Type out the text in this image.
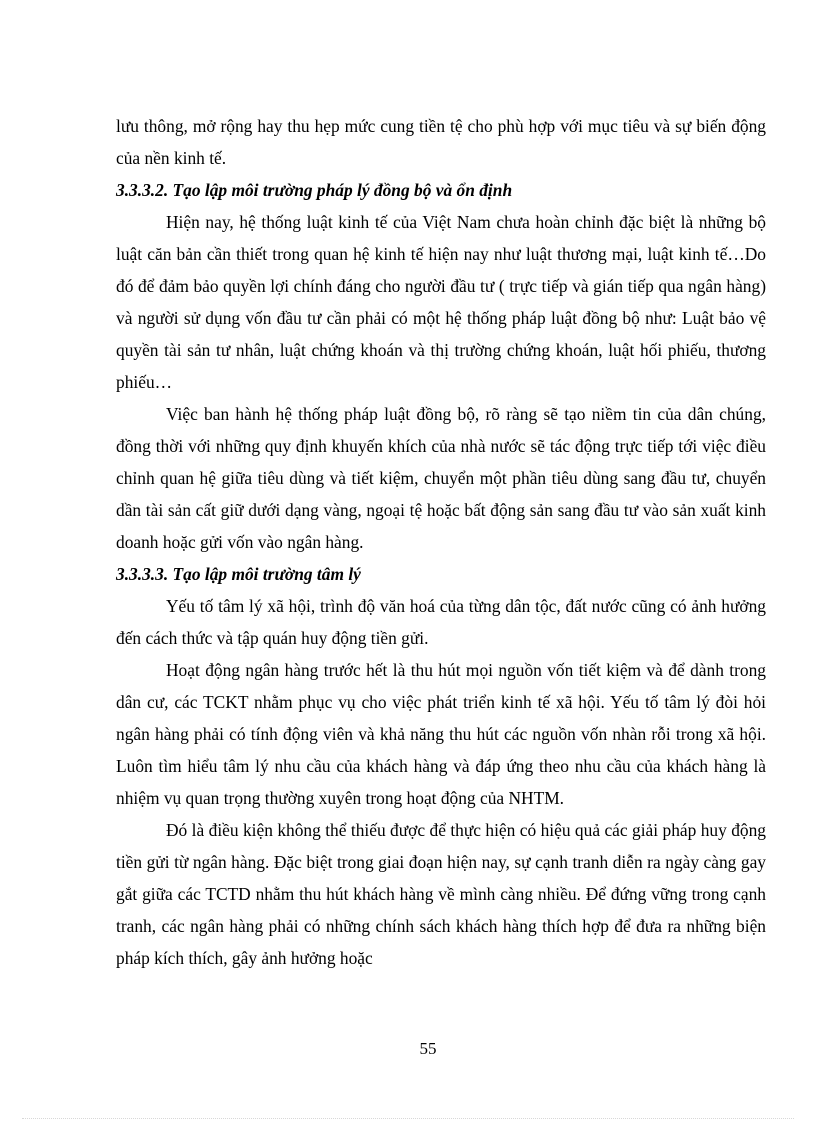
lưu thông, mở rộng hay thu hẹp mức cung tiền tệ cho phù hợp với mục tiêu và sự biến động của nền kinh tế.

3.3.3.2. Tạo lập môi trường pháp lý đồng bộ và ổn định

Hiện nay, hệ thống luật kinh tế của Việt Nam chưa hoàn chỉnh đặc biệt là những bộ luật căn bản cần thiết trong quan hệ kinh tế hiện nay như luật thương mại, luật kinh tế…Do đó để đảm bảo quyền lợi chính đáng cho người đầu tư ( trực tiếp và gián tiếp qua ngân hàng) và người sử dụng vốn đầu tư cần phải có một hệ thống pháp luật đồng bộ như: Luật bảo vệ quyền tài sản tư nhân, luật chứng khoán và thị trường chứng khoán, luật hối phiếu, thương phiếu…

Việc ban hành hệ thống pháp luật đồng bộ, rõ ràng sẽ tạo niềm tin của dân chúng, đồng thời với những quy định khuyến khích của nhà nước sẽ tác động trực tiếp tới việc điều chỉnh quan hệ giữa tiêu dùng và tiết kiệm, chuyển một phần tiêu dùng sang đầu tư, chuyển dần tài sản cất giữ dưới dạng vàng, ngoại tệ hoặc bất động sản sang đầu tư vào sản xuất kinh doanh hoặc gửi vốn vào ngân hàng.

3.3.3.3. Tạo lập môi trường tâm lý

Yếu tố tâm lý xã hội, trình độ văn hoá của từng dân tộc, đất nước cũng có ảnh hưởng đến cách thức và tập quán huy động tiền gửi.

Hoạt động ngân hàng trước hết là thu hút mọi nguồn vốn tiết kiệm và để dành trong dân cư, các TCKT nhằm phục vụ cho việc phát triển kinh tế xã hội. Yếu tố tâm lý đòi hỏi ngân hàng phải có tính động viên và khả năng thu hút các nguồn vốn nhàn rỗi trong xã hội. Luôn tìm hiểu tâm lý nhu cầu của khách hàng và đáp ứng theo nhu cầu của khách hàng là nhiệm vụ quan trọng thường xuyên trong hoạt động của NHTM.

Đó là điều kiện không thể thiếu được để thực hiện có hiệu quả các giải pháp huy động tiền gửi từ ngân hàng. Đặc biệt trong giai đoạn hiện nay, sự cạnh tranh diễn ra ngày càng gay gắt giữa các TCTD nhằm thu hút khách hàng về mình càng nhiều. Để đứng vững trong cạnh tranh, các ngân hàng phải có những chính sách khách hàng thích hợp để đưa ra những biện pháp kích thích, gây ảnh hưởng hoặc

55
